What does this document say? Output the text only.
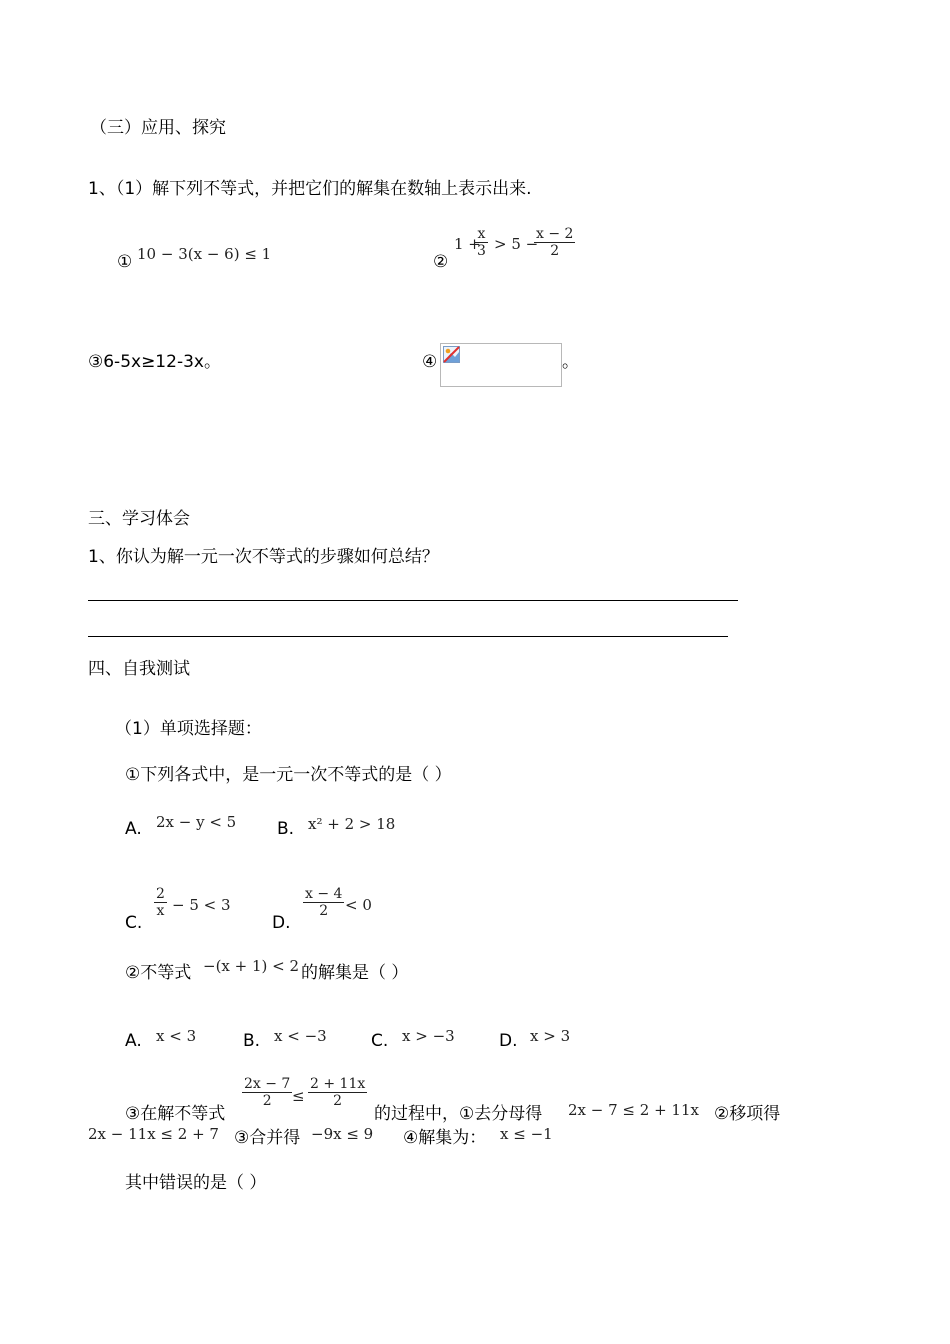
（三）应用、探究
1、（1）解下列不等式，并把它们的解集在数轴上表示出来.
① 10 − 3(x − 6) ≤ 1	②
1 +
$\frac{x}{3} > 5$ −
$\frac{x - 2}{2}$
③6-5x≥12-3x。	④	。
三、学习体会
1、你认为解一元一次不等式的步骤如何总结？
四、自我测试
（1）单项选择题：
①下列各式中，是一元一次不等式的是（ ）
A. 2x − y < 5 B. x² + 2 > 18
C.
$\frac{2}{x} - 5 < 3$
D.
$\frac{x - 4}{2} < 0$
②不等式 −(x + 1) < 2 的解集是（ ）
A. x < 3	B. x < −3	C. x > −3	D. x > 3
③在解不等式
$\frac{2x - 7}{2} \le \frac{2 + 11x}{2}$
的过程中，①去分母得 2x − 7 ≤ 2 + 11x ②移项得
2x − 11x ≤ 2 + 7 ③合并得 −9x ≤ 9 ④解集为： x ≤ −1
其中错误的是（ ）
